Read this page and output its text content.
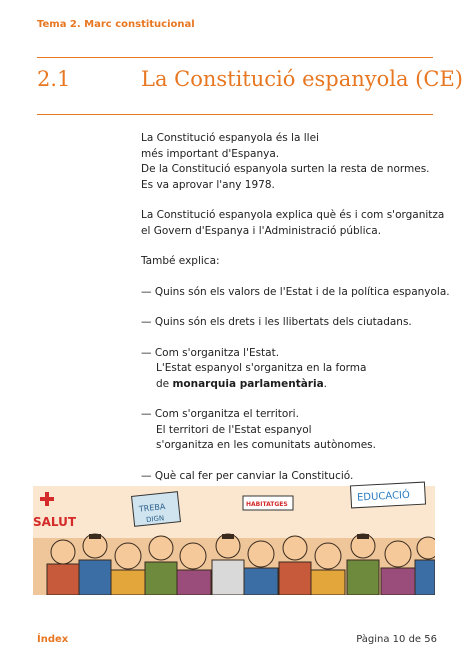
Tema 2. Marc constitucional
2.1	La Constitució espanyola (CE)

La Constitució espanyola és la llei

més important d'Espanya.

De la Constitució espanyola surten la resta de normes.

Es va aprovar l'any 1978.

La Constitució espanyola explica què és i com s'organitza

el Govern d'Espanya i l'Administració pública.

També explica:

— Quins són els valors de l'Estat i de la política espanyola.

— Quins són els drets i les llibertats dels ciutadans.

— Com s'organitza l'Estat.

L'Estat espanyol s'organitza en la forma

de monarquia parlamentària.

— Com s'organitza el territori.

El territori de l'Estat espanyol

s'organitza en les comunitats autònomes.

— Què cal fer per canviar la Constitució.

SALUT
TREBA
DIGN
HABITATGES
EDUCACIÓ
Índex	Pàgina 10 de 56
